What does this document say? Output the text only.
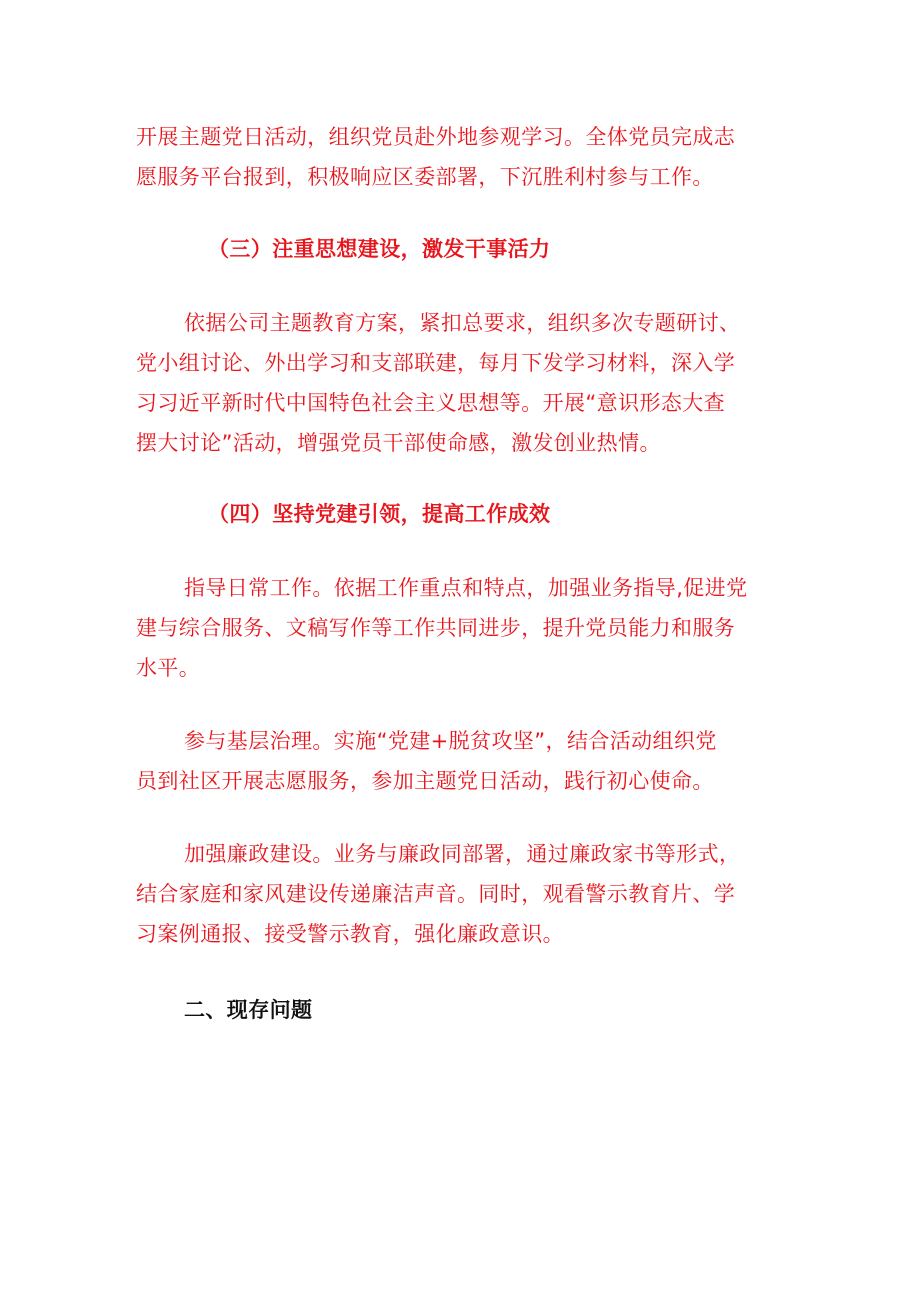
开展主题党日活动，组织党员赴外地参观学习。全体党员完成志
愿服务平台报到，积极响应区委部署，下沉胜利村参与工作。
（三）注重思想建设，激发干事活力
依据公司主题教育方案，紧扣总要求，组织多次专题研讨、
党小组讨论、外出学习和支部联建，每月下发学习材料，深入学
习习近平新时代中国特色社会主义思想等。开展“意识形态大查
摆大讨论”活动，增强党员干部使命感，激发创业热情。
（四）坚持党建引领，提高工作成效
指导日常工作。依据工作重点和特点，加强业务指导,促进党
建与综合服务、文稿写作等工作共同进步，提升党员能力和服务
水平。
参与基层治理。实施“党建+脱贫攻坚”，结合活动组织党
员到社区开展志愿服务，参加主题党日活动，践行初心使命。
加强廉政建设。业务与廉政同部署，通过廉政家书等形式，
结合家庭和家风建设传递廉洁声音。同时，观看警示教育片、学
习案例通报、接受警示教育，强化廉政意识。
二、现存问题
